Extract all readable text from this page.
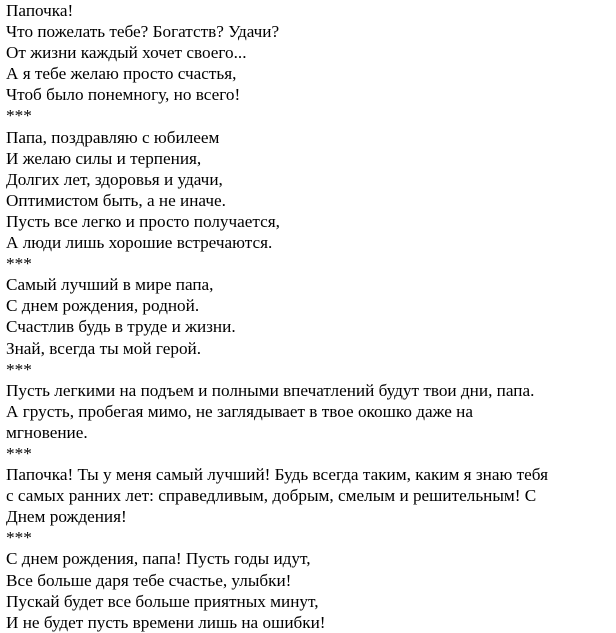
Папочка!
Что пожелать тебе? Богатств? Удачи?
От жизни каждый хочет своего...
А я тебе желаю просто счастья,
Чтоб было понемногу, но всего!
***
Папа, поздравляю с юбилеем
И желаю силы и терпения,
Долгих лет, здоровья и удачи,
Оптимистом быть, а не иначе.
Пусть все легко и просто получается,
А люди лишь хорошие встречаются.
***
Самый лучший в мире папа,
С днем рождения, родной.
Счастлив будь в труде и жизни.
Знай, всегда ты мой герой.
***
Пусть легкими на подъем и полными впечатлений будут твои дни, папа.
А грусть, пробегая мимо, не заглядывает в твое окошко даже на
мгновение.
***
Папочка! Ты у меня самый лучший! Будь всегда таким, каким я знаю тебя
с самых ранних лет: справедливым, добрым, смелым и решительным! С
Днем рождения!
***
С днем рождения, папа! Пусть годы идут,
Все больше даря тебе счастье, улыбки!
Пускай будет все больше приятных минут,
И не будет пусть времени лишь на ошибки!
